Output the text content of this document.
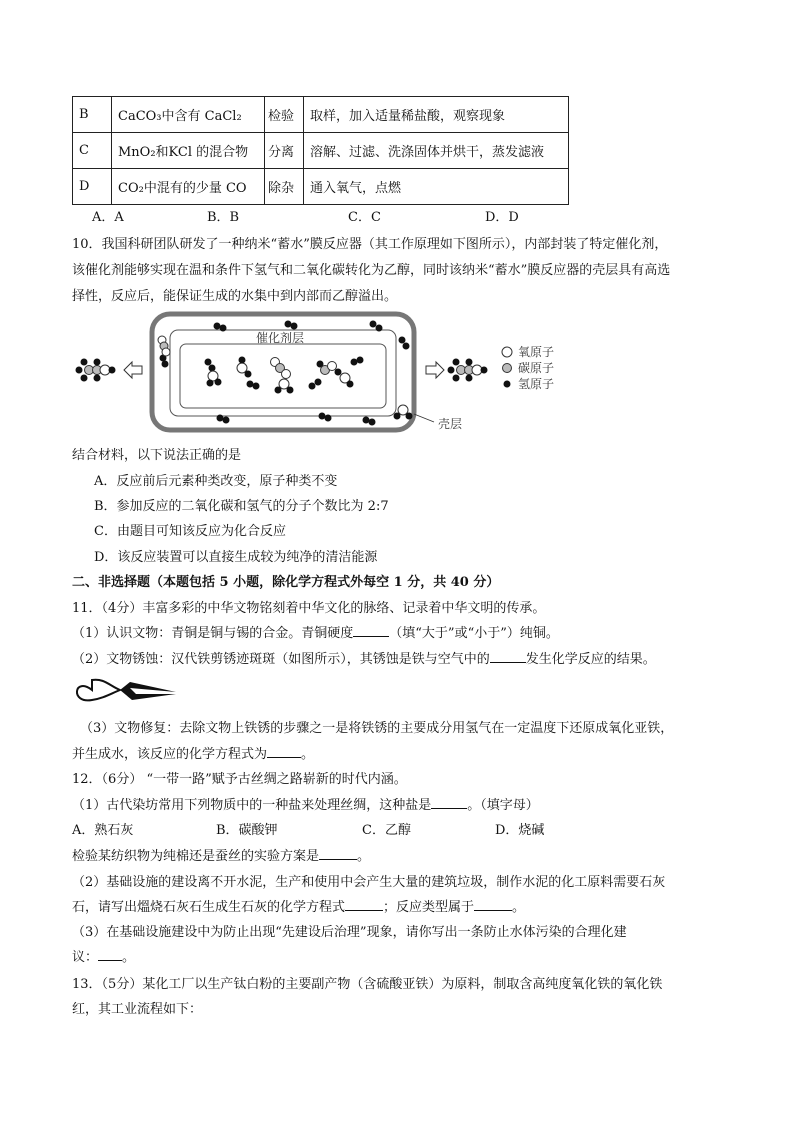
B	CaCO₃中含有 CaCl₂	检验	取样，加入适量稀盐酸，观察现象
C	MnO₂和KCl 的混合物	分离	溶解、过滤、洗涤固体并烘干，蒸发滤液
D	CO₂中混有的少量 CO	除杂	通入氧气，点燃
A．A	B．B	C．C	D．D
10．我国科研团队研发了一种纳米“蓄水”膜反应器（其工作原理如下图所示），内部封装了特定催化剂，
该催化剂能够实现在温和条件下氢气和二氧化碳转化为乙醇，同时该纳米“蓄水”膜反应器的壳层具有高选
择性，反应后，能保证生成的水集中到内部而乙醇溢出。
催化剂层
氧原子
碳原子
氢原子
壳层
结合材料，以下说法正确的是
A．反应前后元素种类改变，原子种类不变
B．参加反应的二氧化碳和氢气的分子个数比为 2:7
C．由题目可知该反应为化合反应
D．该反应装置可以直接生成较为纯净的清洁能源
二、非选择题（本题包括 5 小题，除化学方程式外每空 1 分，共 40 分）
11．（4分）丰富多彩的中华文物铭刻着中华文化的脉络、记录着中华文明的传承。
（1）认识文物：青铜是铜与锡的合金。青铜硬度	（填“大于”或“小于”）纯铜。
（2）文物锈蚀：汉代铁剪锈迹斑斑（如图所示），其锈蚀是铁与空气中的	发生化学反应的结果。
（3）文物修复：去除文物上铁锈的步骤之一是将铁锈的主要成分用氢气在一定温度下还原成氧化亚铁，
并生成水，该反应的化学方程式为	。
12．（6分） “一带一路”赋予古丝绸之路崭新的时代内涵。
（1）古代染坊常用下列物质中的一种盐来处理丝绸，这种盐是	。（填字母）
A．熟石灰	B．碳酸钾	C．乙醇	D．烧碱
检验某纺织物为纯棉还是蚕丝的实验方案是	。
（2）基础设施的建设离不开水泥，生产和使用中会产生大量的建筑垃圾，制作水泥的化工原料需要石灰
石，请写出熅烧石灰石生成生石灰的化学方程式	；反应类型属于	。
（3）在基础设施建设中为防止出现“先建设后治理”现象，请你写出一条防止水体污染的合理化建
议： 。
13．（5分）某化工厂以生产钛白粉的主要副产物（含硫酸亚铁）为原料，制取含高纯度氧化铁的氧化铁
红，其工业流程如下：
